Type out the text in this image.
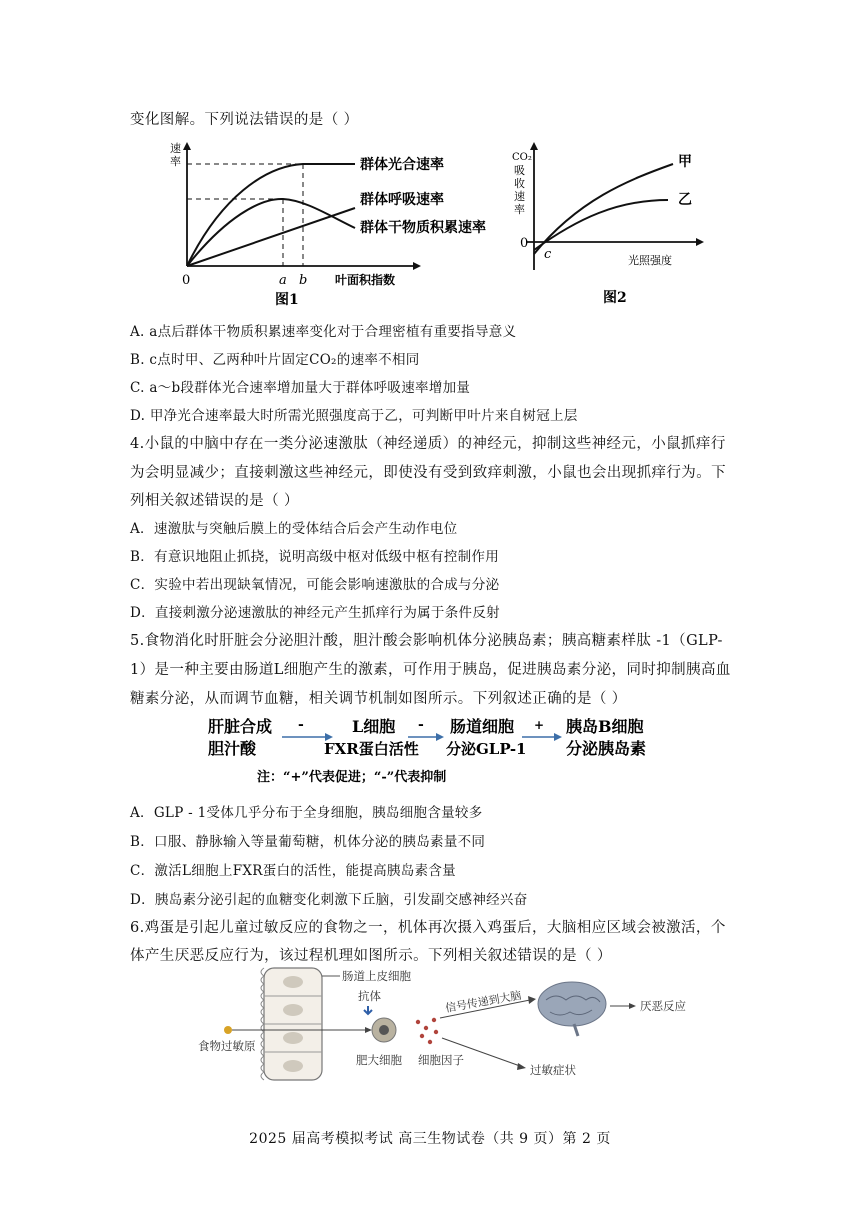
变化图解。下列说法错误的是（ ）
速
率
0	a b 叶面积指数
群体光合速率
群体呼吸速率
群体干物质积累速率
图1
CO₂
吸
收
速
率
0
c	光照强度
甲
乙
图2
A. a点后群体干物质积累速率变化对于合理密植有重要指导意义
B. c点时甲、乙两种叶片固定CO₂的速率不相同
C. a～b段群体光合速率增加量大于群体呼吸速率增加量
D. 甲净光合速率最大时所需光照强度高于乙，可判断甲叶片来自树冠上层
4.小鼠的中脑中存在一类分泌速激肽（神经递质）的神经元，抑制这些神经元，小鼠抓痒行
为会明显减少；直接刺激这些神经元，即使没有受到致痒刺激，小鼠也会出现抓痒行为。下
列相关叙述错误的是（ ）
A．速激肽与突触后膜上的受体结合后会产生动作电位
B．有意识地阻止抓挠，说明高级中枢对低级中枢有控制作用
C．实验中若出现缺氧情况，可能会影响速激肽的合成与分泌
D．直接刺激分泌速激肽的神经元产生抓痒行为属于条件反射
5.食物消化时肝脏会分泌胆汁酸，胆汁酸会影响机体分泌胰岛素；胰高糖素样肽 -1（GLP-
1）是一种主要由肠道L细胞产生的激素，可作用于胰岛，促进胰岛素分泌，同时抑制胰高血
糖素分泌，从而调节血糖，相关调节机制如图所示。下列叙述正确的是（ ）
肝脏合成
胆汁酸
-	L细胞
FXR蛋白活性
- 肠道细胞
分泌GLP-1
+ 胰岛B细胞
分泌胰岛素
注：“+”代表促进；“-”代表抑制
A．GLP - 1受体几乎分布于全身细胞，胰岛细胞含量较多
B．口服、静脉输入等量葡萄糖，机体分泌的胰岛素量不同
C．激活L细胞上FXR蛋白的活性，能提高胰岛素含量
D．胰岛素分泌引起的血糖变化刺激下丘脑，引发副交感神经兴奋
6.鸡蛋是引起儿童过敏反应的食物之一，机体再次摄入鸡蛋后，大脑相应区域会被激活，个
体产生厌恶反应行为，该过程机理如图所示。下列相关叙述错误的是（ ）
肠道上皮细胞
食物过敏原
抗体
肥大细胞 细胞因子
信号传递到大脑	厌恶反应
过敏症状
2025 届高考模拟考试 高三生物试卷（共 9 页）第 2 页
